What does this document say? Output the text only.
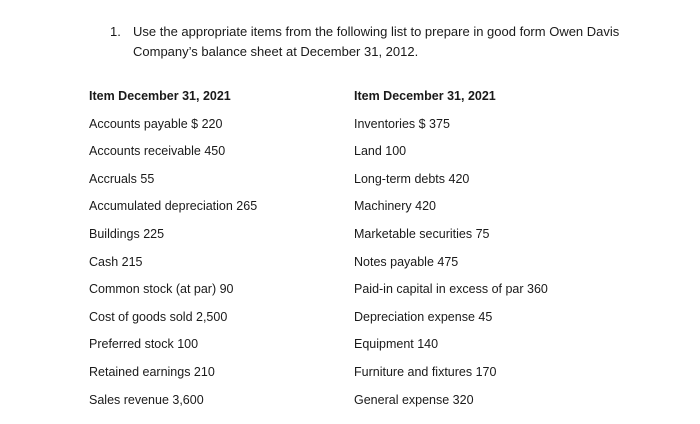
1. Use the appropriate items from the following list to prepare in good form Owen Davis Company’s balance sheet at December 31, 2012.
Item December 31, 2021
Accounts payable $ 220
Accounts receivable 450
Accruals 55
Accumulated depreciation 265
Buildings 225
Cash 215
Common stock (at par) 90
Cost of goods sold 2,500
Preferred stock 100
Retained earnings 210
Sales revenue 3,600
Item December 31, 2021
Inventories $ 375
Land 100
Long-term debts 420
Machinery 420
Marketable securities 75
Notes payable 475
Paid-in capital in excess of par 360
Depreciation expense 45
Equipment 140
Furniture and fixtures 170
General expense 320
